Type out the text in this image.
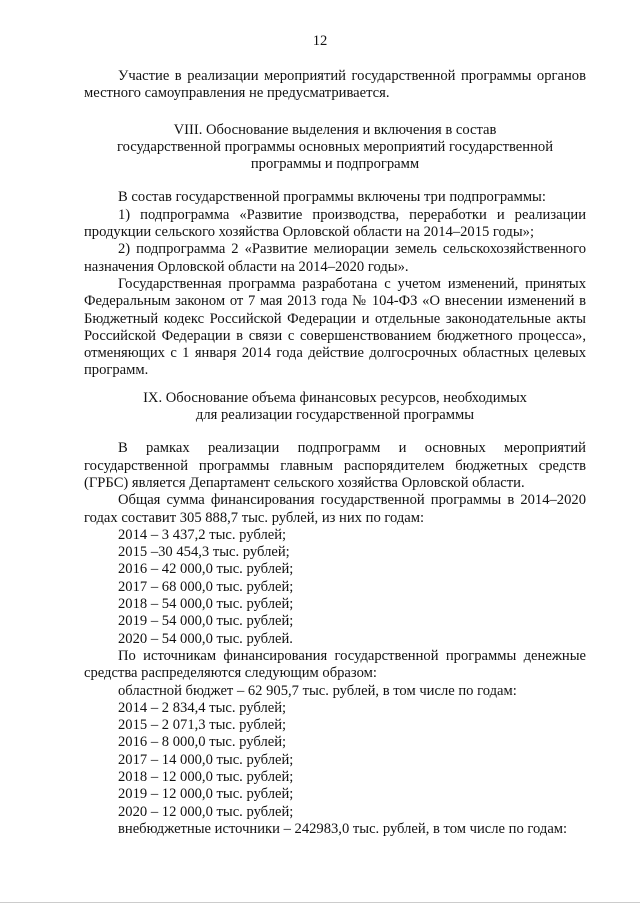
12

Участие в реализации мероприятий государственной программы органов местного самоуправления не предусматривается.

VIII. Обоснование выделения и включения в состав

государственной программы основных мероприятий государственной

программы и подпрограмм

В состав государственной программы включены три подпрограммы:

1) подпрограмма «Развитие производства, переработки и реализации продукции сельского хозяйства Орловской области на 2014–2015 годы»;

2) подпрограмма 2 «Развитие мелиорации земель сельскохозяйственного назначения Орловской области на 2014–2020 годы».

Государственная программа разработана с учетом изменений, принятых Федеральным законом от 7 мая 2013 года № 104-ФЗ «О внесении изменений в Бюджетный кодекс Российской Федерации и отдельные законодательные акты Российской Федерации в связи с совершенствованием бюджетного процесса», отменяющих с 1 января 2014 года действие долгосрочных областных целевых программ.

IX. Обоснование объема финансовых ресурсов, необходимых

для реализации государственной программы

В рамках реализации подпрограмм и основных мероприятий государственной программы главным распорядителем бюджетных средств (ГРБС) является Департамент сельского хозяйства Орловской области.

Общая сумма финансирования государственной программы в 2014–2020 годах составит 305 888,7 тыс. рублей, из них по годам:

2014 – 3 437,2 тыс. рублей;

2015 –30 454,3 тыс. рублей;

2016 – 42 000,0 тыс. рублей;

2017 – 68 000,0 тыс. рублей;

2018 – 54 000,0 тыс. рублей;

2019 – 54 000,0 тыс. рублей;

2020 – 54 000,0 тыс. рублей.

По источникам финансирования государственной программы денежные средства распределяются следующим образом:

областной бюджет – 62 905,7 тыс. рублей, в том числе по годам:

2014 – 2 834,4 тыс. рублей;

2015 – 2 071,3 тыс. рублей;

2016 – 8 000,0 тыс. рублей;

2017 – 14 000,0 тыс. рублей;

2018 – 12 000,0 тыс. рублей;

2019 – 12 000,0 тыс. рублей;

2020 – 12 000,0 тыс. рублей;

внебюджетные источники – 242983,0 тыс. рублей, в том числе по годам:
